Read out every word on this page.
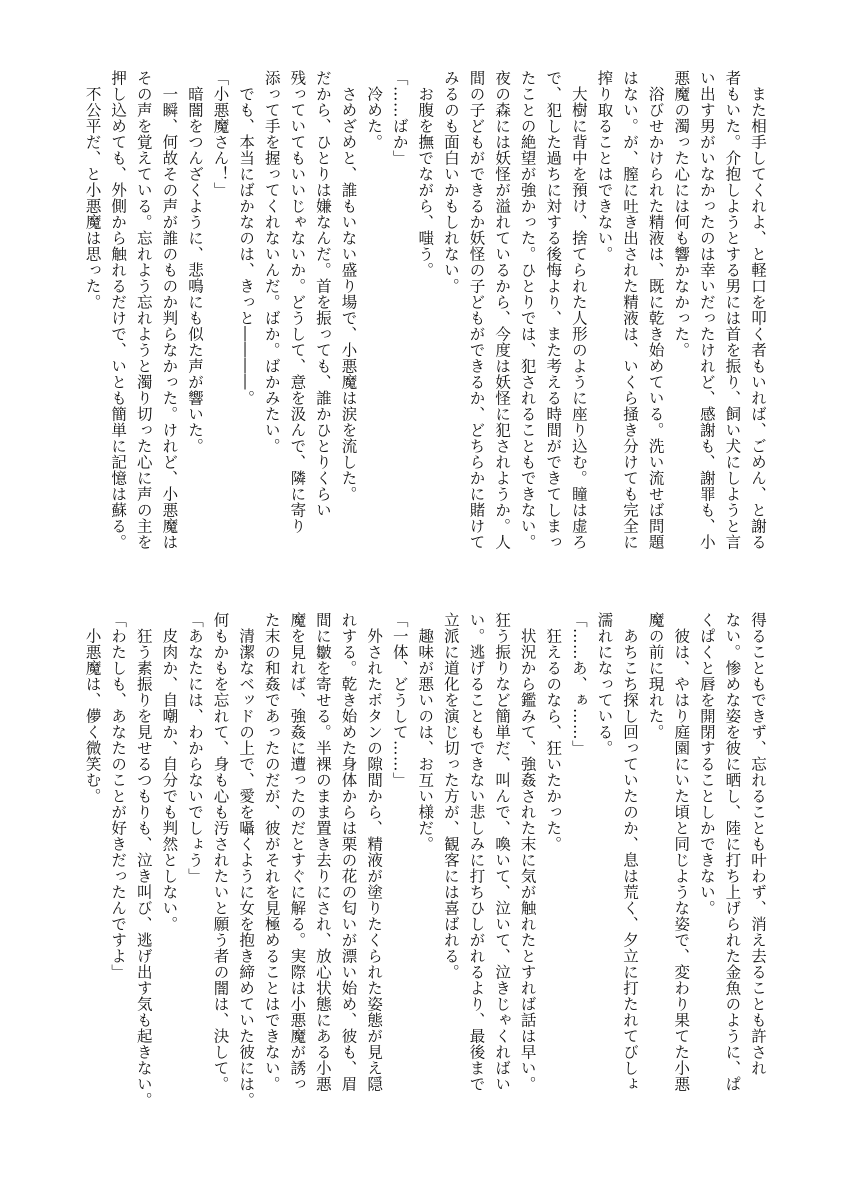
　また相手してくれよ、と軽口を叩く者もいれば、ごめん、と謝る

者もいた。介抱しようとする男には首を振り、飼い犬にしようと言

い出す男がいなかったのは幸いだったけれど、感謝も、謝罪も、小

悪魔の濁った心には何も響かなかった。

　浴びせかけられた精液は、既に乾き始めている。洗い流せば問題

はない。が、膣に吐き出された精液は、いくら掻き分けても完全に

搾り取ることはできない。

　大樹に背中を預け、捨てられた人形のように座り込む。瞳は虚ろ

で、犯した過ちに対する後悔より、また考える時間ができてしまっ

たことの絶望が強かった。ひとりでは、犯されることもできない。

夜の森には妖怪が溢れているから、今度は妖怪に犯されようか。人

間の子どもができるか妖怪の子どもができるか、どちらかに賭けて

みるのも面白いかもしれない。

　お腹を撫でながら、嗤う。

「……ばか」

　冷めた。

　さめざめと、誰もいない盛り場で、小悪魔は涙を流した。

だから、ひとりは嫌なんだ。首を振っても、誰かひとりくらい

残っていてもいいじゃないか。どうして、意を汲んで、隣に寄り

添って手を握ってくれないんだ。ばか。ばかみたい。

　でも、本当にばかなのは、きっと――――。

「小悪魔さん！」

　暗闇をつんざくように、悲鳴にも似た声が響いた。

　一瞬、何故その声が誰のものか判らなかった。けれど、小悪魔は

その声を覚えている。忘れよう忘れようと濁り切った心に声の主を

押し込めても、外側から触れるだけで、いとも簡単に記憶は蘇る。

　不公平だ、と小悪魔は思った。

得ることもできず、忘れることも叶わず、消え去ることも許され

ない。惨めな姿を彼に晒し、陸に打ち上げられた金魚のように、ぱ

くぱくと唇を開閉することしかできない。

　彼は、やはり庭園にいた頃と同じような姿で、変わり果てた小悪

魔の前に現れた。

　あちこち探し回っていたのか、息は荒く、夕立に打たれてびしょ

濡れになっている。

「……あ、ぁ……」

　狂えるのなら、狂いたかった。

　状況から鑑みて、強姦された末に気が触れたとすれば話は早い。

狂う振りなど簡単だ、叫んで、喚いて、泣いて、泣きじゃくればい

い。逃げることもできない悲しみに打ちひしがれるより、最後まで

立派に道化を演じ切った方が、観客には喜ばれる。

　趣味が悪いのは、お互い様だ。

「一体、どうして……」

　外されたボタンの隙間から、精液が塗りたくられた姿態が見え隠

れする。乾き始めた身体からは栗の花の匂いが漂い始め、彼も、眉

間に皺を寄せる。半裸のまま置き去りにされ、放心状態にある小悪

魔を見れば、強姦に遭ったのだとすぐに解る。実際は小悪魔が誘っ

た末の和姦であったのだが、彼がそれを見極めることはできない。

　清潔なベッドの上で、愛を囁くように女を抱き締めていた彼には。

何もかもを忘れて、身も心も汚されたいと願う者の闇は、決して。

「あなたには、わからないでしょう」

　皮肉か、自嘲か、自分でも判然としない。

　狂う素振りを見せるつもりも、泣き叫び、逃げ出す気も起きない。

「わたしも、あなたのことが好きだったんですよ」

　小悪魔は、儚く微笑む。
